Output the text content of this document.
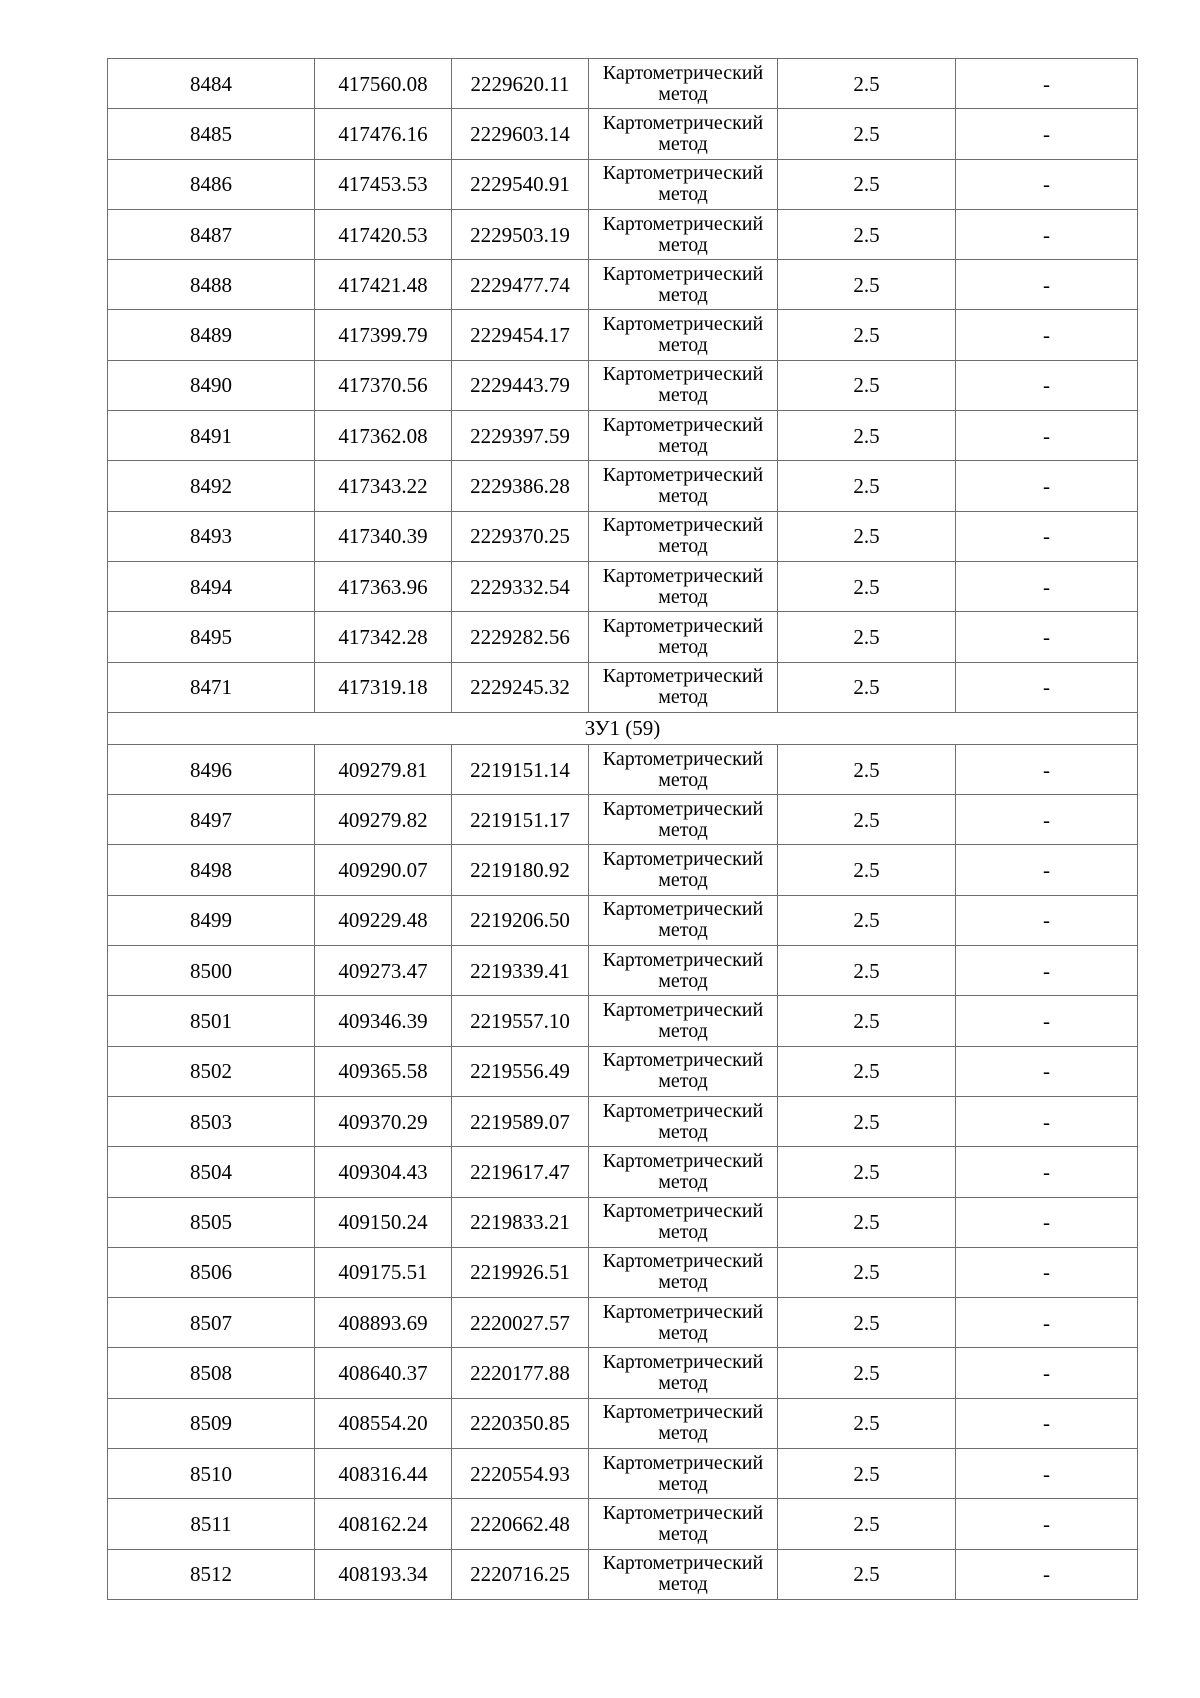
8484	417560.08	2229620.11	Картометрический метод	2.5	-
8485	417476.16	2229603.14	Картометрический метод	2.5	-
8486	417453.53	2229540.91	Картометрический метод	2.5	-
8487	417420.53	2229503.19	Картометрический метод	2.5	-
8488	417421.48	2229477.74	Картометрический метод	2.5	-
8489	417399.79	2229454.17	Картометрический метод	2.5	-
8490	417370.56	2229443.79	Картометрический метод	2.5	-
8491	417362.08	2229397.59	Картометрический метод	2.5	-
8492	417343.22	2229386.28	Картометрический метод	2.5	-
8493	417340.39	2229370.25	Картометрический метод	2.5	-
8494	417363.96	2229332.54	Картометрический метод	2.5	-
8495	417342.28	2229282.56	Картометрический метод	2.5	-
8471	417319.18	2229245.32	Картометрический метод	2.5	-
ЗУ1 (59)					
8496	409279.81	2219151.14	Картометрический метод	2.5	-
8497	409279.82	2219151.17	Картометрический метод	2.5	-
8498	409290.07	2219180.92	Картометрический метод	2.5	-
8499	409229.48	2219206.50	Картометрический метод	2.5	-
8500	409273.47	2219339.41	Картометрический метод	2.5	-
8501	409346.39	2219557.10	Картометрический метод	2.5	-
8502	409365.58	2219556.49	Картометрический метод	2.5	-
8503	409370.29	2219589.07	Картометрический метод	2.5	-
8504	409304.43	2219617.47	Картометрический метод	2.5	-
8505	409150.24	2219833.21	Картометрический метод	2.5	-
8506	409175.51	2219926.51	Картометрический метод	2.5	-
8507	408893.69	2220027.57	Картометрический метод	2.5	-
8508	408640.37	2220177.88	Картометрический метод	2.5	-
8509	408554.20	2220350.85	Картометрический метод	2.5	-
8510	408316.44	2220554.93	Картометрический метод	2.5	-
8511	408162.24	2220662.48	Картометрический метод	2.5	-
8512	408193.34	2220716.25	Картометрический метод	2.5	-
